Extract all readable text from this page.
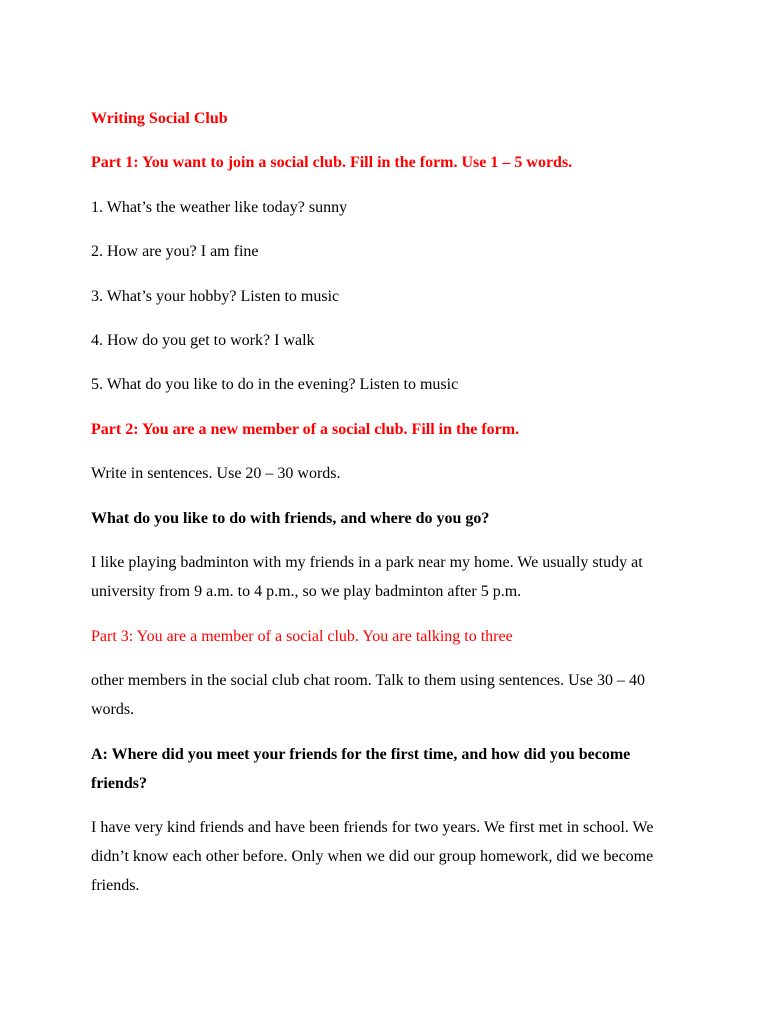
Writing Social Club

Part 1: You want to join a social club. Fill in the form. Use 1 – 5 words.

1. What’s the weather like today? sunny

2. How are you? I am fine

3. What’s your hobby? Listen to music

4. How do you get to work? I walk

5. What do you like to do in the evening? Listen to music

Part 2: You are a new member of a social club. Fill in the form.

Write in sentences. Use 20 – 30 words.

What do you like to do with friends, and where do you go?

I like playing badminton with my friends in a park near my home. We usually study at university from 9 a.m. to 4 p.m., so we play badminton after 5 p.m.

Part 3: You are a member of a social club. You are talking to three

other members in the social club chat room. Talk to them using sentences. Use 30 – 40 words.

A: Where did you meet your friends for the first time, and how did you become friends?

I have very kind friends and have been friends for two years. We first met in school. We didn’t know each other before. Only when we did our group homework, did we become friends.
